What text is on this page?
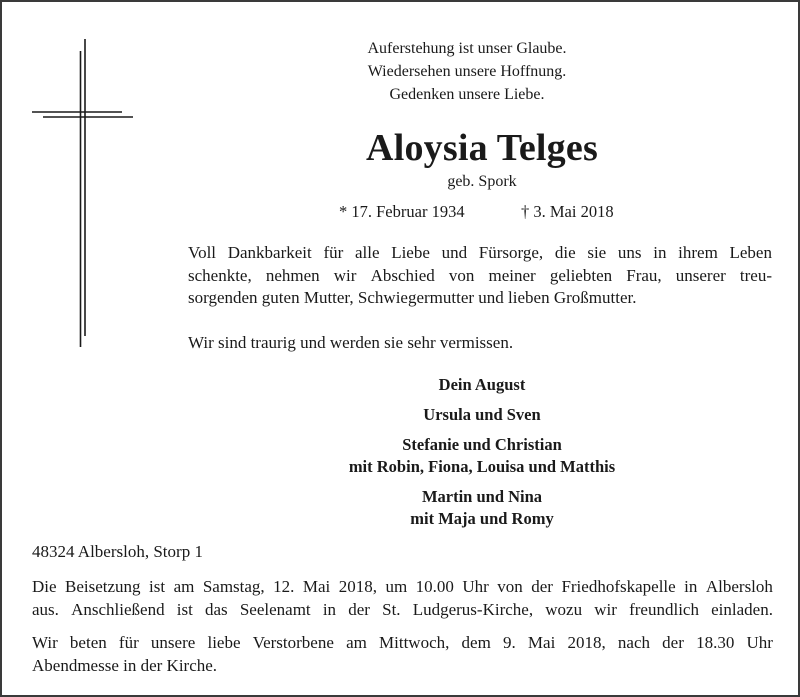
Auferstehung ist unser Glaube.
Wiedersehen unsere Hoffnung.
Gedenken unsere Liebe.
Aloysia Telges
geb. Spork
* 17. Februar 1934	† 3. Mai 2018
Voll Dankbarkeit für alle Liebe und Fürsorge, die sie uns in ihrem Leben
schenkte, nehmen wir Abschied von meiner geliebten Frau, unserer treu-
sorgenden guten Mutter, Schwiegermutter und lieben Großmutter.
Wir sind traurig und werden sie sehr vermissen.
Dein August
Ursula und Sven
Stefanie und Christian
mit Robin, Fiona, Louisa und Matthis
Martin und Nina
mit Maja und Romy
48324 Albersloh, Storp 1
Die Beisetzung ist am Samstag, 12. Mai 2018, um 10.00 Uhr von der Friedhofskapelle in Albersloh
aus. Anschließend ist das Seelenamt in der St. Ludgerus-Kirche, wozu wir freundlich einladen.
Wir beten für unsere liebe Verstorbene am Mittwoch, dem 9. Mai 2018, nach der 18.30 Uhr
Abendmesse in der Kirche.
